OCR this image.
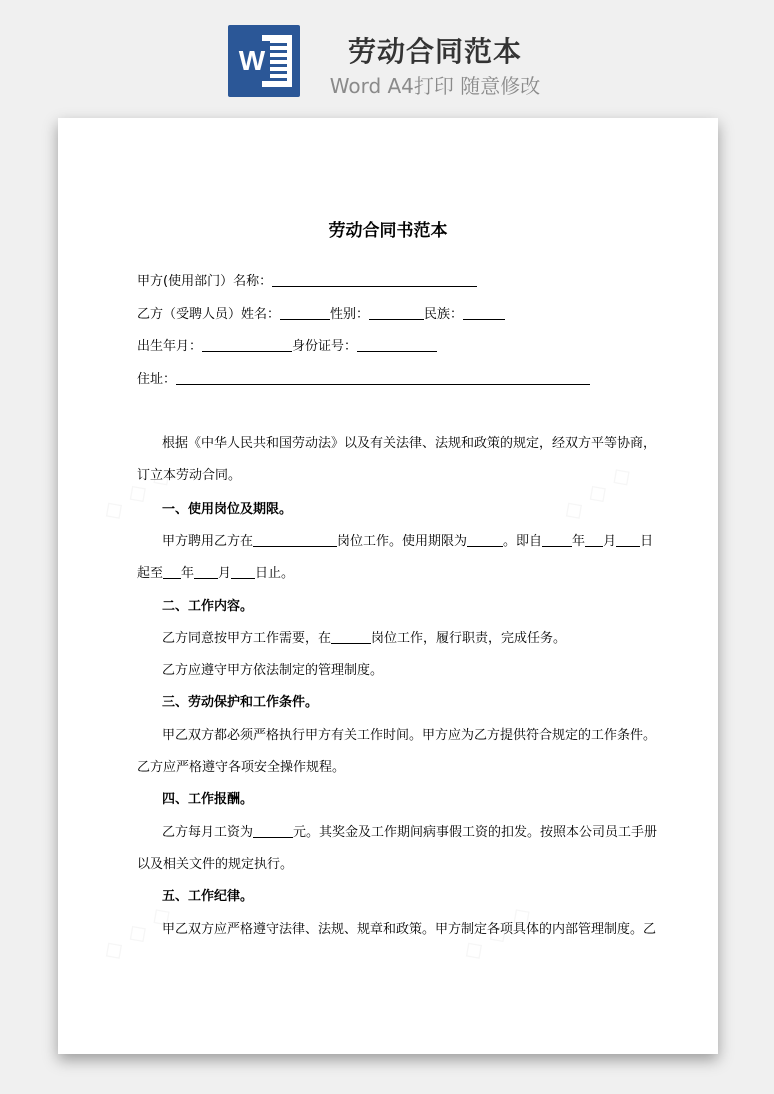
W	劳动合同范本
Word A4打印 随意修改
劳动合同书范本
甲方(使用部门）名称：
乙方（受聘人员）姓名：	性别：	民族：
出生年月：	身份证号：
住址：
根据《中华人民共和国劳动法》以及有关法律、法规和政策的规定，经双方平等协商，
订立本劳动合同。
一、使用岗位及期限。
甲方聘用乙方在	岗位工作。使用期限为	。即自 年 月 日
起至 年 月 日止。
二、工作内容。
乙方同意按甲方工作需要，在	岗位工作，履行职责，完成任务。
乙方应遵守甲方依法制定的管理制度。
三、劳动保护和工作条件。
甲乙双方都必须严格执行甲方有关工作时间。甲方应为乙方提供符合规定的工作条件。
乙方应严格遵守各项安全操作规程。
四、工作报酬。
乙方每月工资为	元。其奖金及工作期间病事假工资的扣发。按照本公司员工手册
以及相关文件的规定执行。
五、工作纪律。
甲乙双方应严格遵守法律、法规、规章和政策。甲方制定各项具体的内部管理制度。乙
